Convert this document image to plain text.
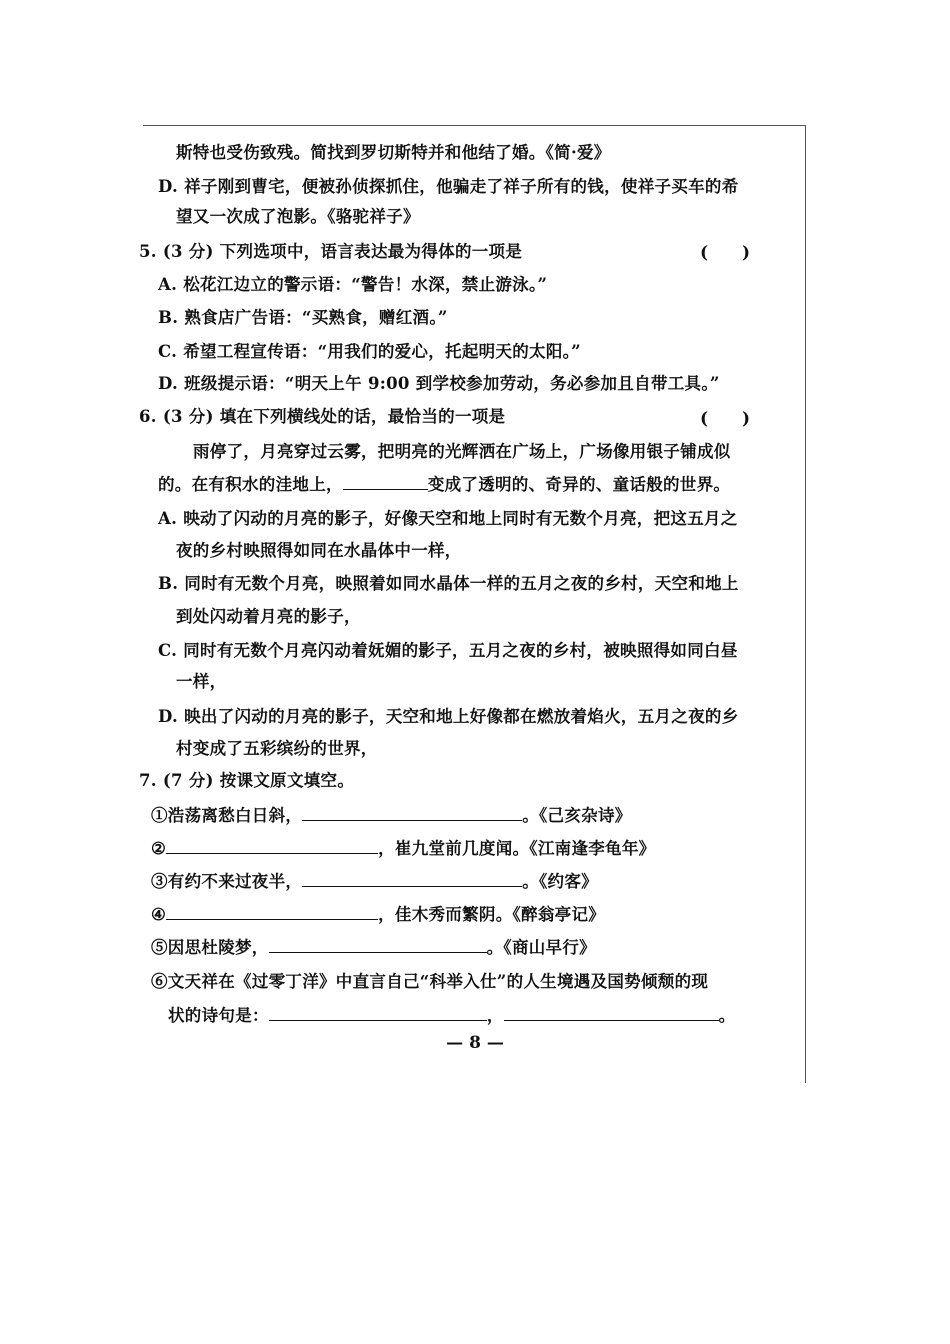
斯特也受伤致残。简找到罗切斯特并和他结了婚。《简·爱》
D. 祥子刚到曹宅，便被孙侦探抓住，他骗走了祥子所有的钱，使祥子买车的希
望又一次成了泡影。《骆驼祥子》
5. (3 分) 下列选项中，语言表达最为得体的一项是	(　　)
A. 松花江边立的警示语：“警告！水深，禁止游泳。”
B. 熟食店广告语：“买熟食，赠红酒。”
C. 希望工程宣传语：“用我们的爱心，托起明天的太阳。”
D. 班级提示语：“明天上午 9:00 到学校参加劳动，务必参加且自带工具。”
6. (3 分) 填在下列横线处的话，最恰当的一项是	(　　)
雨停了，月亮穿过云雾，把明亮的光辉洒在广场上，广场像用银子铺成似
的。在有积水的洼地上，	变成了透明的、奇异的、童话般的世界。
A. 映动了闪动的月亮的影子，好像天空和地上同时有无数个月亮，把这五月之
夜的乡村映照得如同在水晶体中一样，
B. 同时有无数个月亮，映照着如同水晶体一样的五月之夜的乡村，天空和地上
到处闪动着月亮的影子，
C. 同时有无数个月亮闪动着妩媚的影子，五月之夜的乡村，被映照得如同白昼
一样，
D. 映出了闪动的月亮的影子，天空和地上好像都在燃放着焰火，五月之夜的乡
村变成了五彩缤纷的世界，
7. (7 分) 按课文原文填空。
①浩荡离愁白日斜，	。《己亥杂诗》
②	，崔九堂前几度闻。《江南逢李龟年》
③有约不来过夜半，	。《约客》
④	，佳木秀而繁阴。《醉翁亭记》
⑤因思杜陵梦，	。《商山早行》
⑥文天祥在《过零丁洋》中直言自己“科举入仕”的人生境遇及国势倾颓的现
状的诗句是：	，	。
— 8 —
